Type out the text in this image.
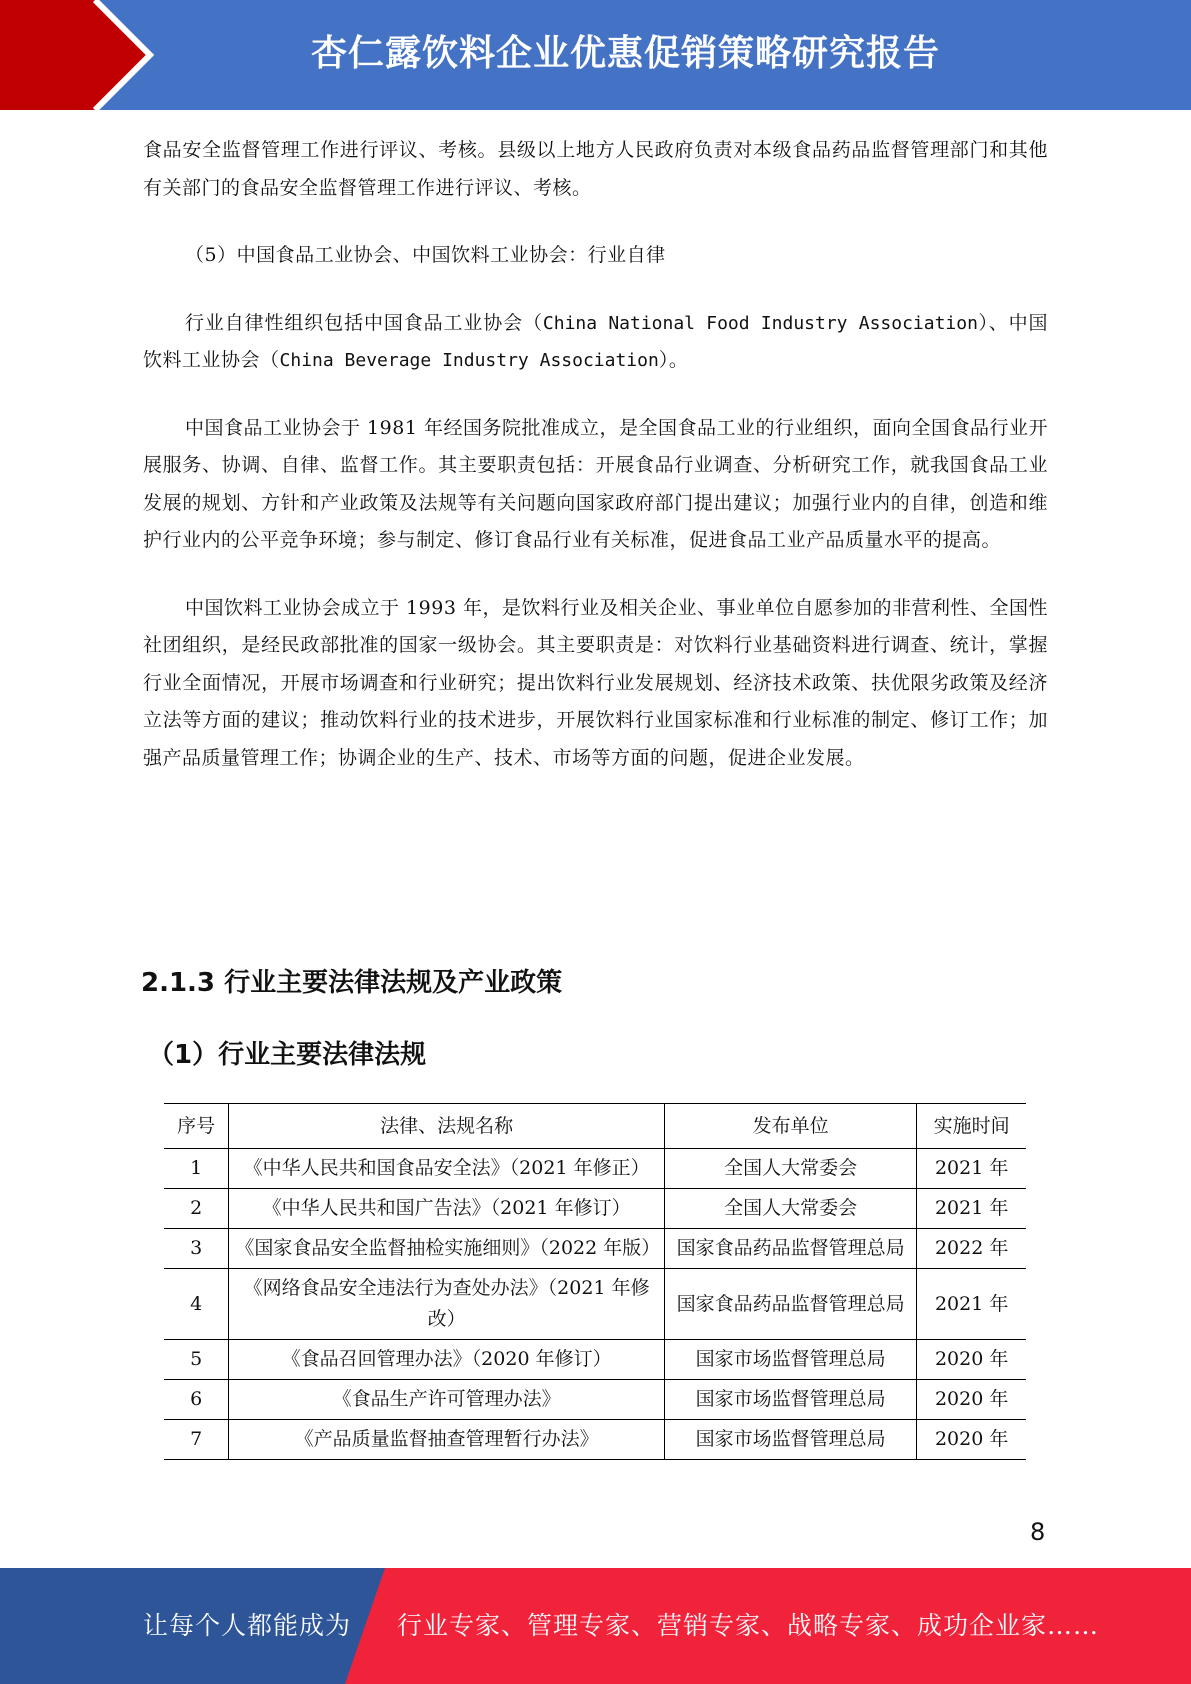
杏仁露饮料企业优惠促销策略研究报告

食品安全监督管理工作进行评议、考核。县级以上地方人民政府负责对本级食品药品监督管理部门和其他有关部门的食品安全监督管理工作进行评议、考核。

（5）中国食品工业协会、中国饮料工业协会：行业自律

行业自律性组织包括中国食品工业协会（China National Food Industry Association）、中国饮料工业协会（China Beverage Industry Association）。

中国食品工业协会于 1981 年经国务院批准成立，是全国食品工业的行业组织，面向全国食品行业开展服务、协调、自律、监督工作。其主要职责包括：开展食品行业调查、分析研究工作，就我国食品工业发展的规划、方针和产业政策及法规等有关问题向国家政府部门提出建议；加强行业内的自律，创造和维护行业内的公平竞争环境；参与制定、修订食品行业有关标准，促进食品工业产品质量水平的提高。

中国饮料工业协会成立于 1993 年，是饮料行业及相关企业、事业单位自愿参加的非营利性、全国性社团组织，是经民政部批准的国家一级协会。其主要职责是：对饮料行业基础资料进行调查、统计，掌握行业全面情况，开展市场调查和行业研究；提出饮料行业发展规划、经济技术政策、扶优限劣政策及经济立法等方面的建议；推动饮料行业的技术进步，开展饮料行业国家标准和行业标准的制定、修订工作；加强产品质量管理工作；协调企业的生产、技术、市场等方面的问题，促进企业发展。

2.1.3 行业主要法律法规及产业政策
（1）行业主要法律法规
序号	法律、法规名称	发布单位	实施时间
1	《中华人民共和国食品安全法》（2021 年修正）	全国人大常委会	2021 年
2	《中华人民共和国广告法》（2021 年修订）	全国人大常委会	2021 年
3	《国家食品安全监督抽检实施细则》（2022 年版）	国家食品药品监督管理总局	2022 年
4	《网络食品安全违法行为查处办法》（2021 年修改）	国家食品药品监督管理总局	2021 年
5	《食品召回管理办法》（2020 年修订）	国家市场监督管理总局	2020 年
6	《食品生产许可管理办法》	国家市场监督管理总局	2020 年
7	《产品质量监督抽查管理暂行办法》	国家市场监督管理总局	2020 年
8
让每个人都能成为 行业专家、管理专家、营销专家、战略专家、成功企业家……
